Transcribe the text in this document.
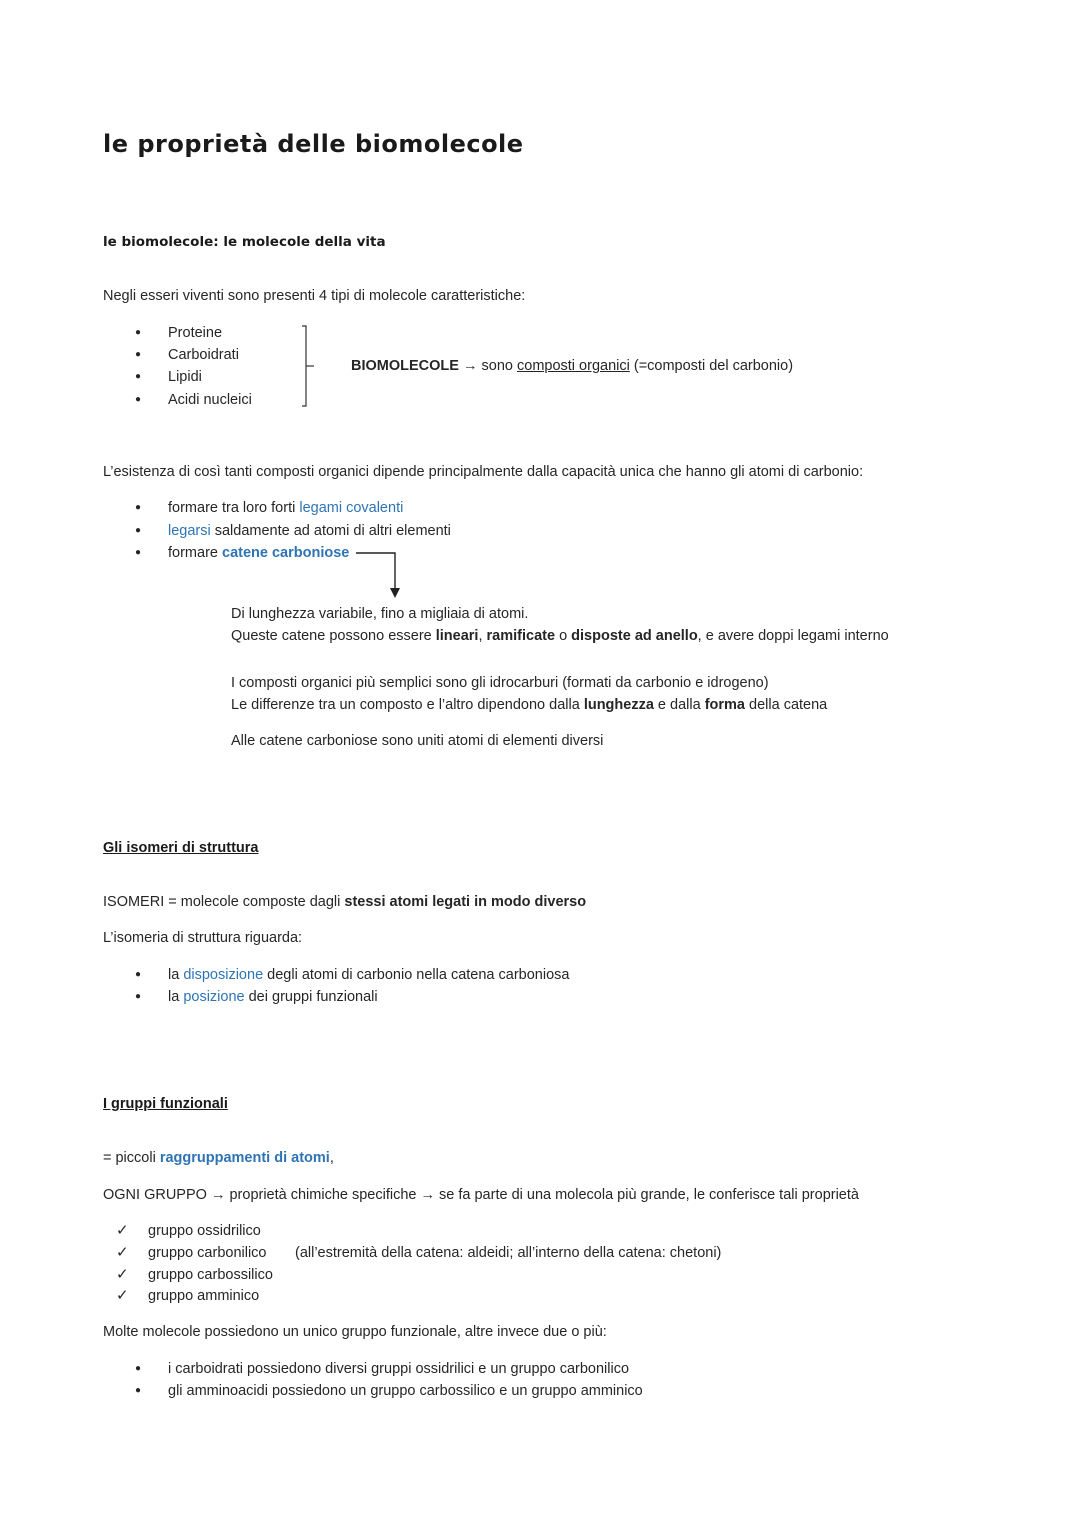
le proprietà delle biomolecole
le biomolecole: le molecole della vita
Negli esseri viventi sono presenti 4 tipi di molecole caratteristiche:
● Proteine
● Carboidrati
● Lipidi
● Acidi nucleici
BIOMOLECOLE → sono composti organici (=composti del carbonio)
L’esistenza di così tanti composti organici dipende principalmente dalla capacità unica che hanno gli atomi di carbonio:
● formare tra loro forti legami covalenti
● legarsi saldamente ad atomi di altri elementi
● formare catene carboniose
Di lunghezza variabile, fino a migliaia di atomi.
Queste catene possono essere lineari, ramificate o disposte ad anello, e avere doppi legami interno
I composti organici più semplici sono gli idrocarburi (formati da carbonio e idrogeno)
Le differenze tra un composto e l’altro dipendono dalla lunghezza e dalla forma della catena
Alle catene carboniose sono uniti atomi di elementi diversi
Gli isomeri di struttura
ISOMERI = molecole composte dagli stessi atomi legati in modo diverso
L’isomeria di struttura riguarda:
● la disposizione degli atomi di carbonio nella catena carboniosa
● la posizione dei gruppi funzionali
I gruppi funzionali
= piccoli raggruppamenti di atomi,
OGNI GRUPPO → proprietà chimiche specifiche → se fa parte di una molecola più grande, le conferisce tali proprietà
✓ gruppo ossidrilico
✓ gruppo carbonilico (all’estremità della catena: aldeidi; all’interno della catena: chetoni)
✓ gruppo carbossilico
✓ gruppo amminico
Molte molecole possiedono un unico gruppo funzionale, altre invece due o più:
● i carboidrati possiedono diversi gruppi ossidrilici e un gruppo carbonilico
● gli amminoacidi possiedono un gruppo carbossilico e un gruppo amminico
